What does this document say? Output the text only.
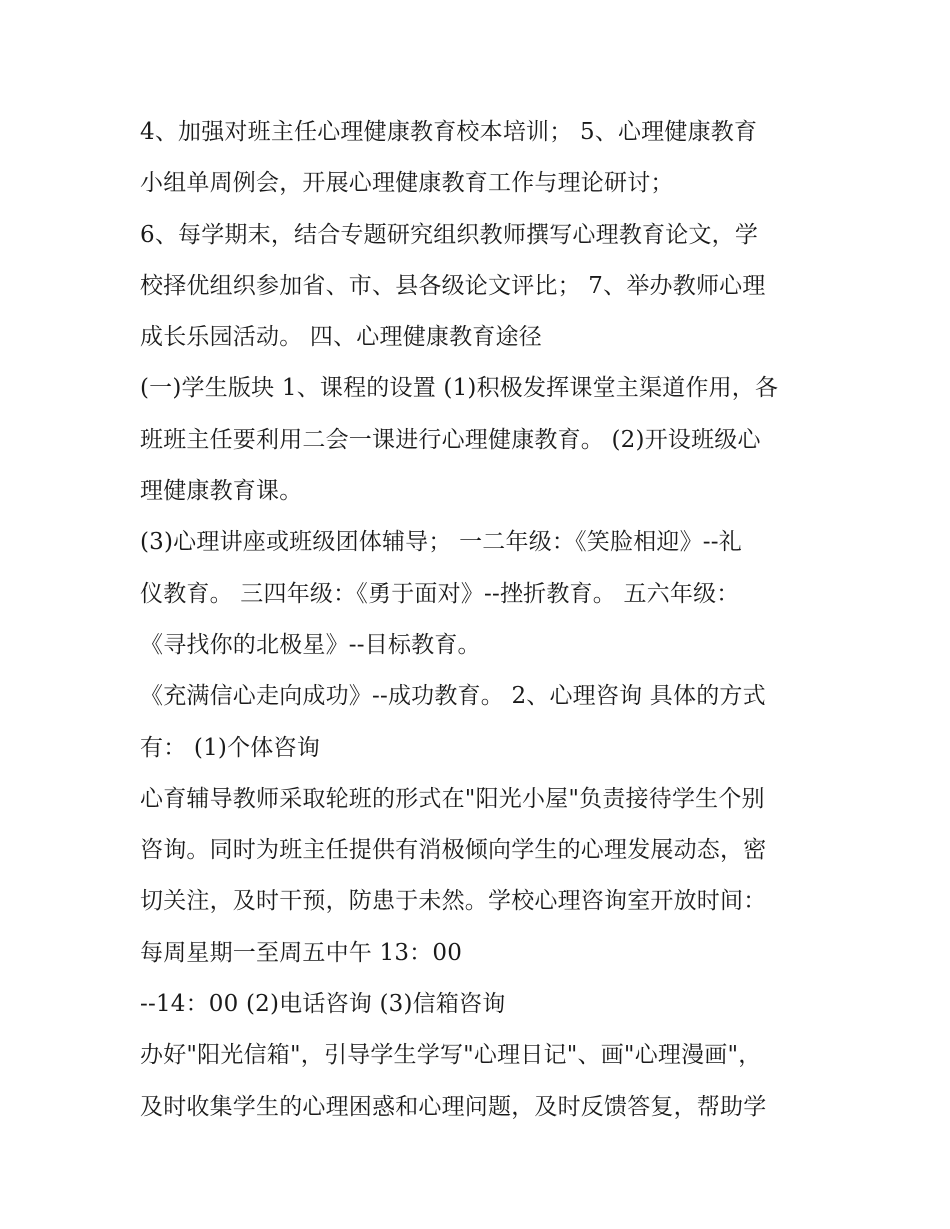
4、加强对班主任心理健康教育校本培训； 5、心理健康教育
小组单周例会，开展心理健康教育工作与理论研讨；
6、每学期末，结合专题研究组织教师撰写心理教育论文，学
校择优组织参加省、市、县各级论文评比； 7、举办教师心理
成长乐园活动。 四、心理健康教育途径
(一)学生版块 1、课程的设置 (1)积极发挥课堂主渠道作用，各
班班主任要利用二会一课进行心理健康教育。 (2)开设班级心
理健康教育课。
(3)心理讲座或班级团体辅导； 一二年级：《笑脸相迎》--礼
仪教育。 三四年级：《勇于面对》--挫折教育。 五六年级：
《寻找你的北极星》--目标教育。
《充满信心走向成功》--成功教育。 2、心理咨询 具体的方式
有： (1)个体咨询
心育辅导教师采取轮班的形式在"阳光小屋"负责接待学生个别
咨询。同时为班主任提供有消极倾向学生的心理发展动态，密
切关注，及时干预，防患于未然。学校心理咨询室开放时间：
每周星期一至周五中午 13：00
--14：00 (2)电话咨询 (3)信箱咨询
办好"阳光信箱"，引导学生学写"心理日记"、画"心理漫画"，
及时收集学生的心理困惑和心理问题，及时反馈答复，帮助学
